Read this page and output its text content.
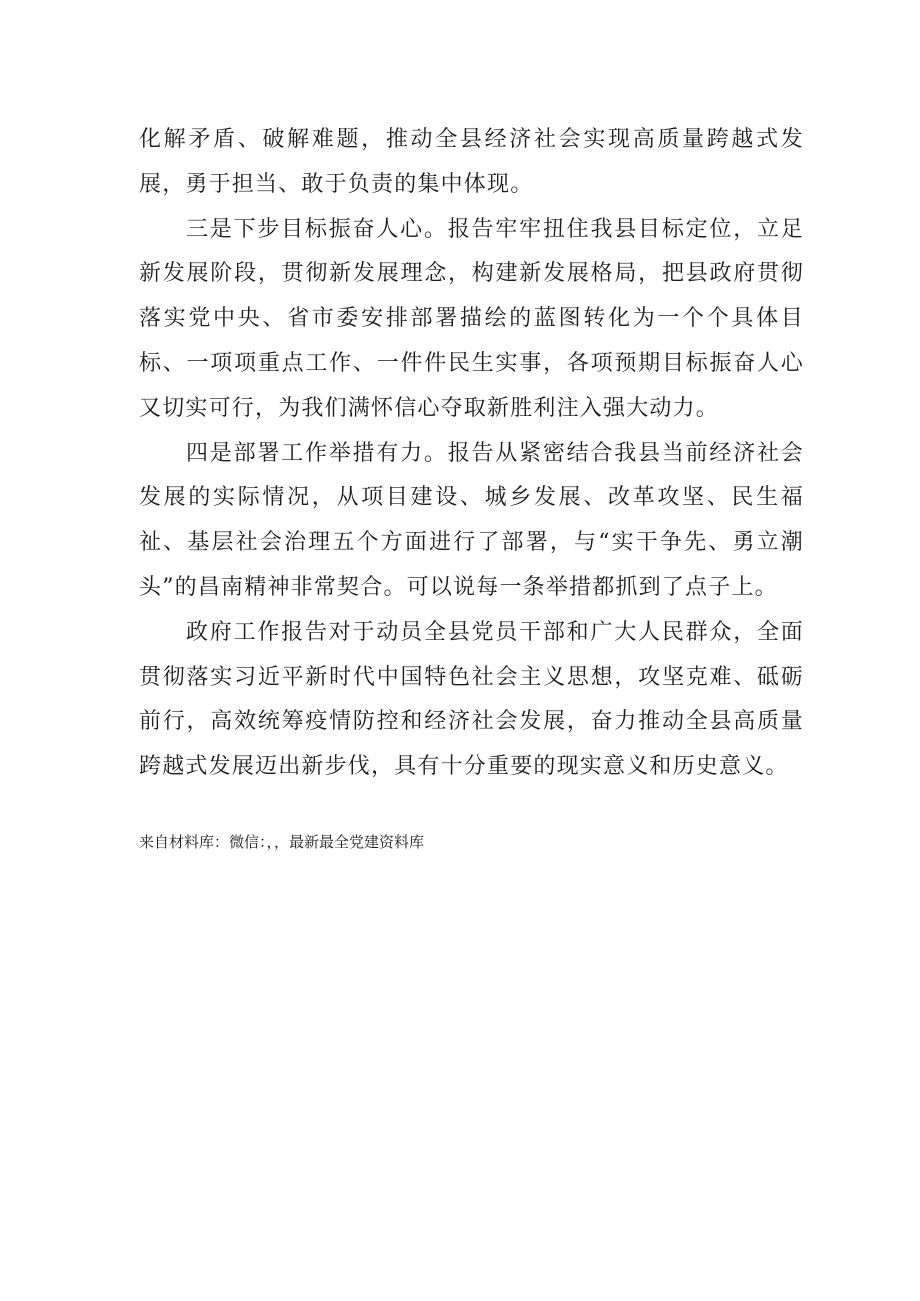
化解矛盾、破解难题，推动全县经济社会实现高质量跨越式发展，勇于担当、敢于负责的集中体现。

三是下步目标振奋人心。报告牢牢扭住我县目标定位，立足新发展阶段，贯彻新发展理念，构建新发展格局，把县政府贯彻落实党中央、省市委安排部署描绘的蓝图转化为一个个具体目标、一项项重点工作、一件件民生实事，各项预期目标振奋人心又切实可行，为我们满怀信心夺取新胜利注入强大动力。

四是部署工作举措有力。报告从紧密结合我县当前经济社会发展的实际情况，从项目建设、城乡发展、改革攻坚、民生福祉、基层社会治理五个方面进行了部署，与“实干争先、勇立潮头”的昌南精神非常契合。可以说每一条举措都抓到了点子上。

政府工作报告对于动员全县党员干部和广大人民群众，全面贯彻落实习近平新时代中国特色社会主义思想，攻坚克难、砥砺前行，高效统筹疫情防控和经济社会发展，奋力推动全县高质量跨越式发展迈出新步伐，具有十分重要的现实意义和历史意义。

来自材料库：微信：，，最新最全党建资料库
